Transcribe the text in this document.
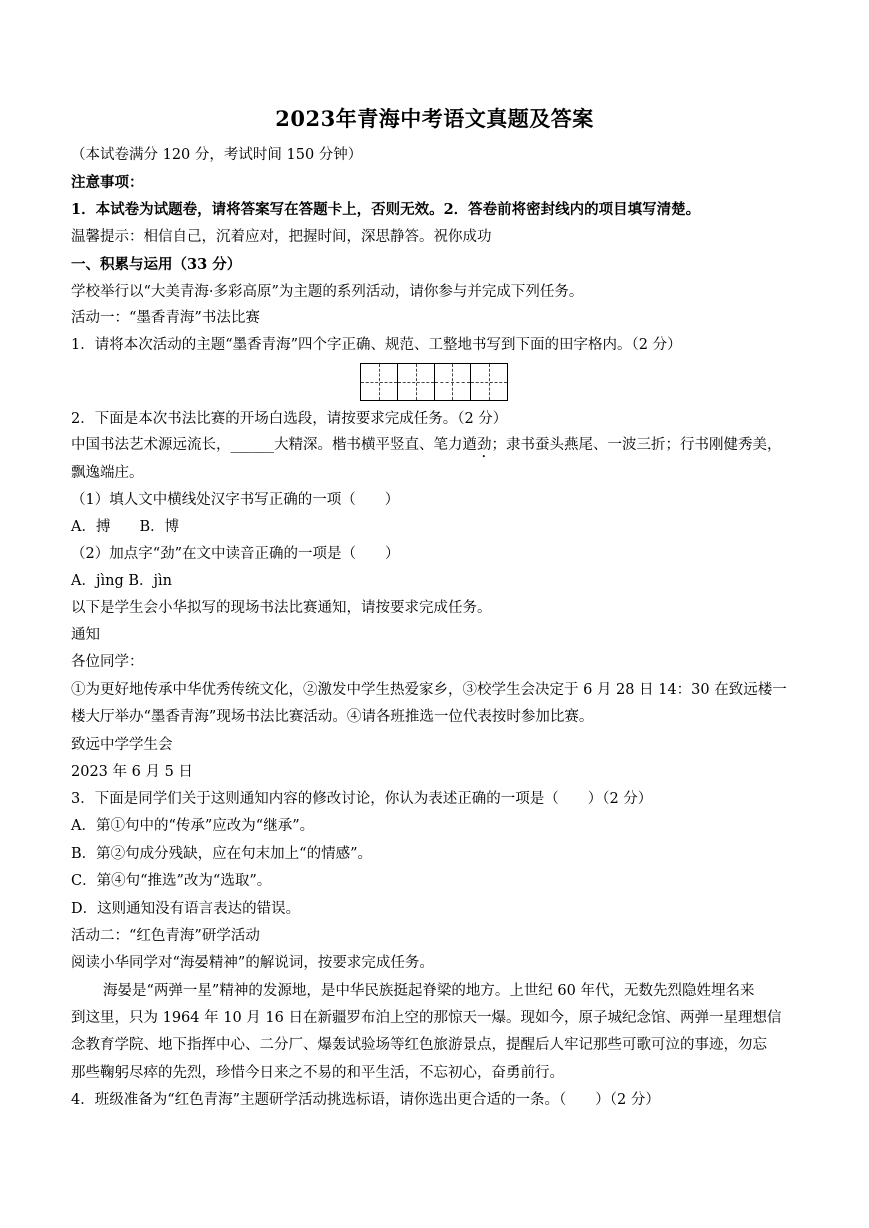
2023年青海中考语文真题及答案
（本试卷满分 120 分，考试时间 150 分钟）
注意事项：
1．本试卷为试题卷，请将答案写在答题卡上，否则无效。2．答卷前将密封线内的项目填写清楚。
温馨提示：相信自己，沉着应对，把握时间，深思静答。祝你成功
一、积累与运用（33 分）
学校举行以“大美青海·多彩高原”为主题的系列活动，请你参与并完成下列任务。
活动一：“墨香青海”书法比赛
1．请将本次活动的主题“墨香青海”四个字正确、规范、工整地书写到下面的田字格内。（2 分）
2．下面是本次书法比赛的开场白选段，请按要求完成任务。（2 分）
中国书法艺术源远流长，______大精深。楷书横平竖直、笔力遒劲；隶书蚕头燕尾、一波三折；行书刚健秀美，
飘逸端庄。
（1）填人文中横线处汉字书写正确的一项（　　）
A．搏　　B．博
（2）加点字“劲”在文中读音正确的一项是（　　）
A．jìng B．jìn
以下是学生会小华拟写的现场书法比赛通知，请按要求完成任务。
通知
各位同学：
①为更好地传承中华优秀传统文化，②激发中学生热爱家乡，③校学生会决定于 6 月 28 日 14：30 在致远楼一
楼大厅举办“墨香青海”现场书法比赛活动。④请各班推选一位代表按时参加比赛。
致远中学学生会
2023 年 6 月 5 日
3．下面是同学们关于这则通知内容的修改讨论，你认为表述正确的一项是（　　）（2 分）
A．第①句中的“传承”应改为“继承”。
B．第②句成分残缺，应在句末加上“的情感”。
C．第④句“推选”改为“选取”。
D．这则通知没有语言表达的错误。
活动二：“红色青海”研学活动
阅读小华同学对“海晏精神”的解说词，按要求完成任务。
海晏是“两弹一星”精神的发源地，是中华民族挺起脊梁的地方。上世纪 60 年代，无数先烈隐姓埋名来
到这里，只为 1964 年 10 月 16 日在新疆罗布泊上空的那惊天一爆。现如今，原子城纪念馆、两弹一星理想信
念教育学院、地下指挥中心、二分厂、爆轰试验场等红色旅游景点，提醒后人牢记那些可歌可泣的事迹，勿忘
那些鞠躬尽瘁的先烈，珍惜今日来之不易的和平生活，不忘初心，奋勇前行。
4．班级准备为“红色青海”主题研学活动挑选标语，请你选出更合适的一条。（　　）（2 分）
